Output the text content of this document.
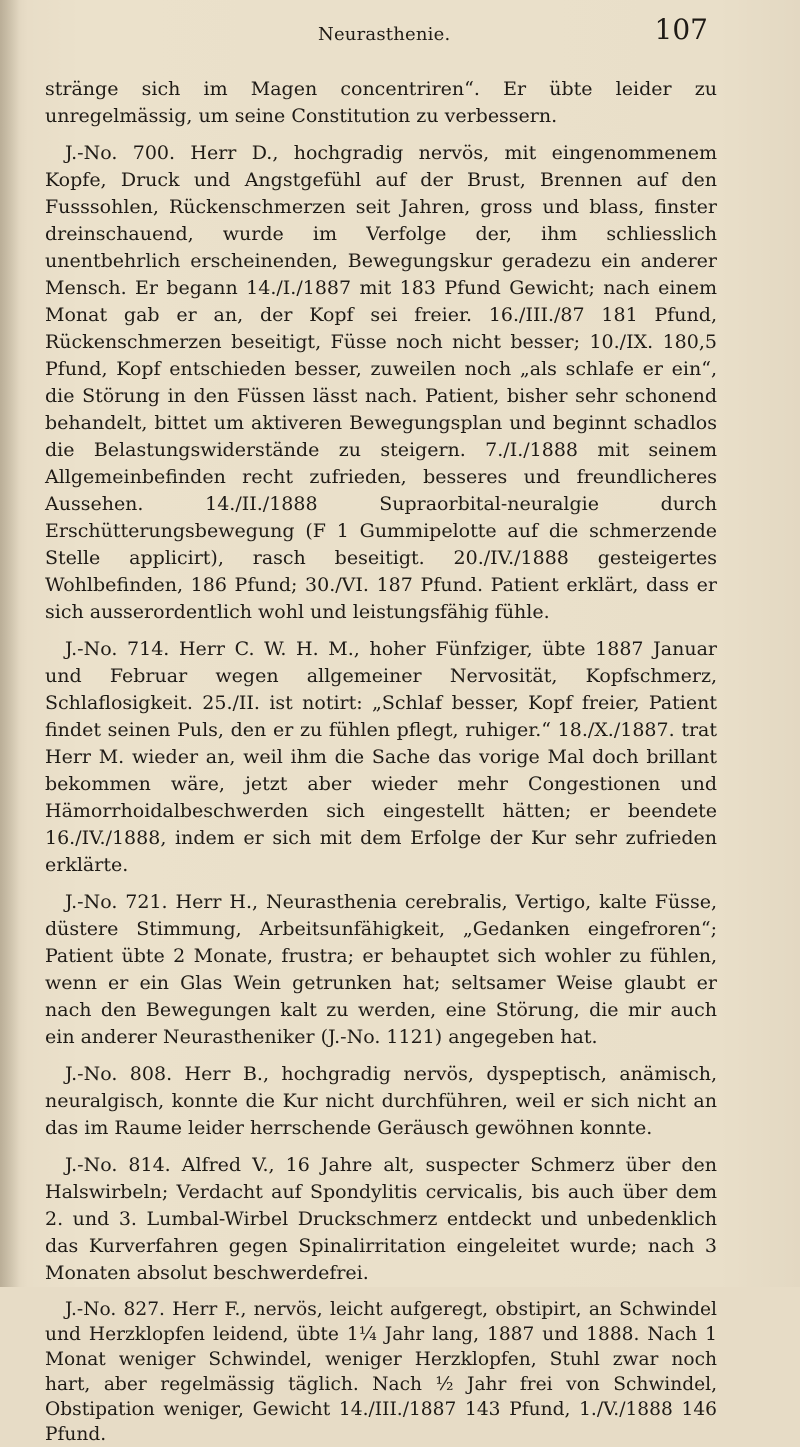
Neurasthenie.	107

stränge sich im Magen concentriren“. Er übte leider zu unregelmässig, um seine Constitution zu verbessern.

J.-No. 700. Herr D., hochgradig nervös, mit eingenommenem Kopfe, Druck und Angstgefühl auf der Brust, Brennen auf den Fusssohlen, Rückenschmerzen seit Jahren, gross und blass, finster dreinschauend, wurde im Verfolge der, ihm schliesslich unentbehrlich erscheinenden, Bewegungskur geradezu ein anderer Mensch. Er begann 14./I./1887 mit 183 Pfund Gewicht; nach einem Monat gab er an, der Kopf sei freier. 16./III./87 181 Pfund, Rückenschmerzen beseitigt, Füsse noch nicht besser; 10./IX. 180,5 Pfund, Kopf entschieden besser, zuweilen noch „als schlafe er ein“, die Störung in den Füssen lässt nach. Patient, bisher sehr schonend behandelt, bittet um aktiveren Bewegungsplan und beginnt schadlos die Belastungswiderstände zu steigern. 7./I./1888 mit seinem Allgemeinbefinden recht zufrieden, besseres und freundlicheres Aussehen. 14./II./1888 Supraorbital-neuralgie durch Erschütterungsbewegung (F 1 Gummipelotte auf die schmerzende Stelle applicirt), rasch beseitigt. 20./IV./1888 gesteigertes Wohlbefinden, 186 Pfund; 30./VI. 187 Pfund. Patient erklärt, dass er sich ausserordentlich wohl und leistungsfähig fühle.

J.-No. 714. Herr C. W. H. M., hoher Fünfziger, übte 1887 Januar und Februar wegen allgemeiner Nervosität, Kopfschmerz, Schlaflosigkeit. 25./II. ist notirt: „Schlaf besser, Kopf freier, Patient findet seinen Puls, den er zu fühlen pflegt, ruhiger.“ 18./X./1887. trat Herr M. wieder an, weil ihm die Sache das vorige Mal doch brillant bekommen wäre, jetzt aber wieder mehr Congestionen und Hämorrhoidalbeschwerden sich eingestellt hätten; er beendete 16./IV./1888, indem er sich mit dem Erfolge der Kur sehr zufrieden erklärte.

J.-No. 721. Herr H., Neurasthenia cerebralis, Vertigo, kalte Füsse, düstere Stimmung, Arbeitsunfähigkeit, „Gedanken eingefroren“; Patient übte 2 Monate, frustra; er behauptet sich wohler zu fühlen, wenn er ein Glas Wein getrunken hat; seltsamer Weise glaubt er nach den Bewegungen kalt zu werden, eine Störung, die mir auch ein anderer Neurastheniker (J.-No. 1121) angegeben hat.

J.-No. 808. Herr B., hochgradig nervös, dyspeptisch, anämisch, neuralgisch, konnte die Kur nicht durchführen, weil er sich nicht an das im Raume leider herrschende Geräusch gewöhnen konnte.

J.-No. 814. Alfred V., 16 Jahre alt, suspecter Schmerz über den Halswirbeln; Verdacht auf Spondylitis cervicalis, bis auch über dem 2. und 3. Lumbal-Wirbel Druckschmerz entdeckt und unbedenklich das Kurverfahren gegen Spinalirritation eingeleitet wurde; nach 3 Monaten absolut beschwerdefrei.

J.-No. 827. Herr F., nervös, leicht aufgeregt, obstipirt, an Schwindel und Herzklopfen leidend, übte 1¼ Jahr lang, 1887 und 1888. Nach 1 Monat weniger Schwindel, weniger Herzklopfen, Stuhl zwar noch hart, aber regelmässig täglich. Nach ½ Jahr frei von Schwindel, Obstipation weniger, Gewicht 14./III./1887 143 Pfund, 1./V./1888 146 Pfund.
